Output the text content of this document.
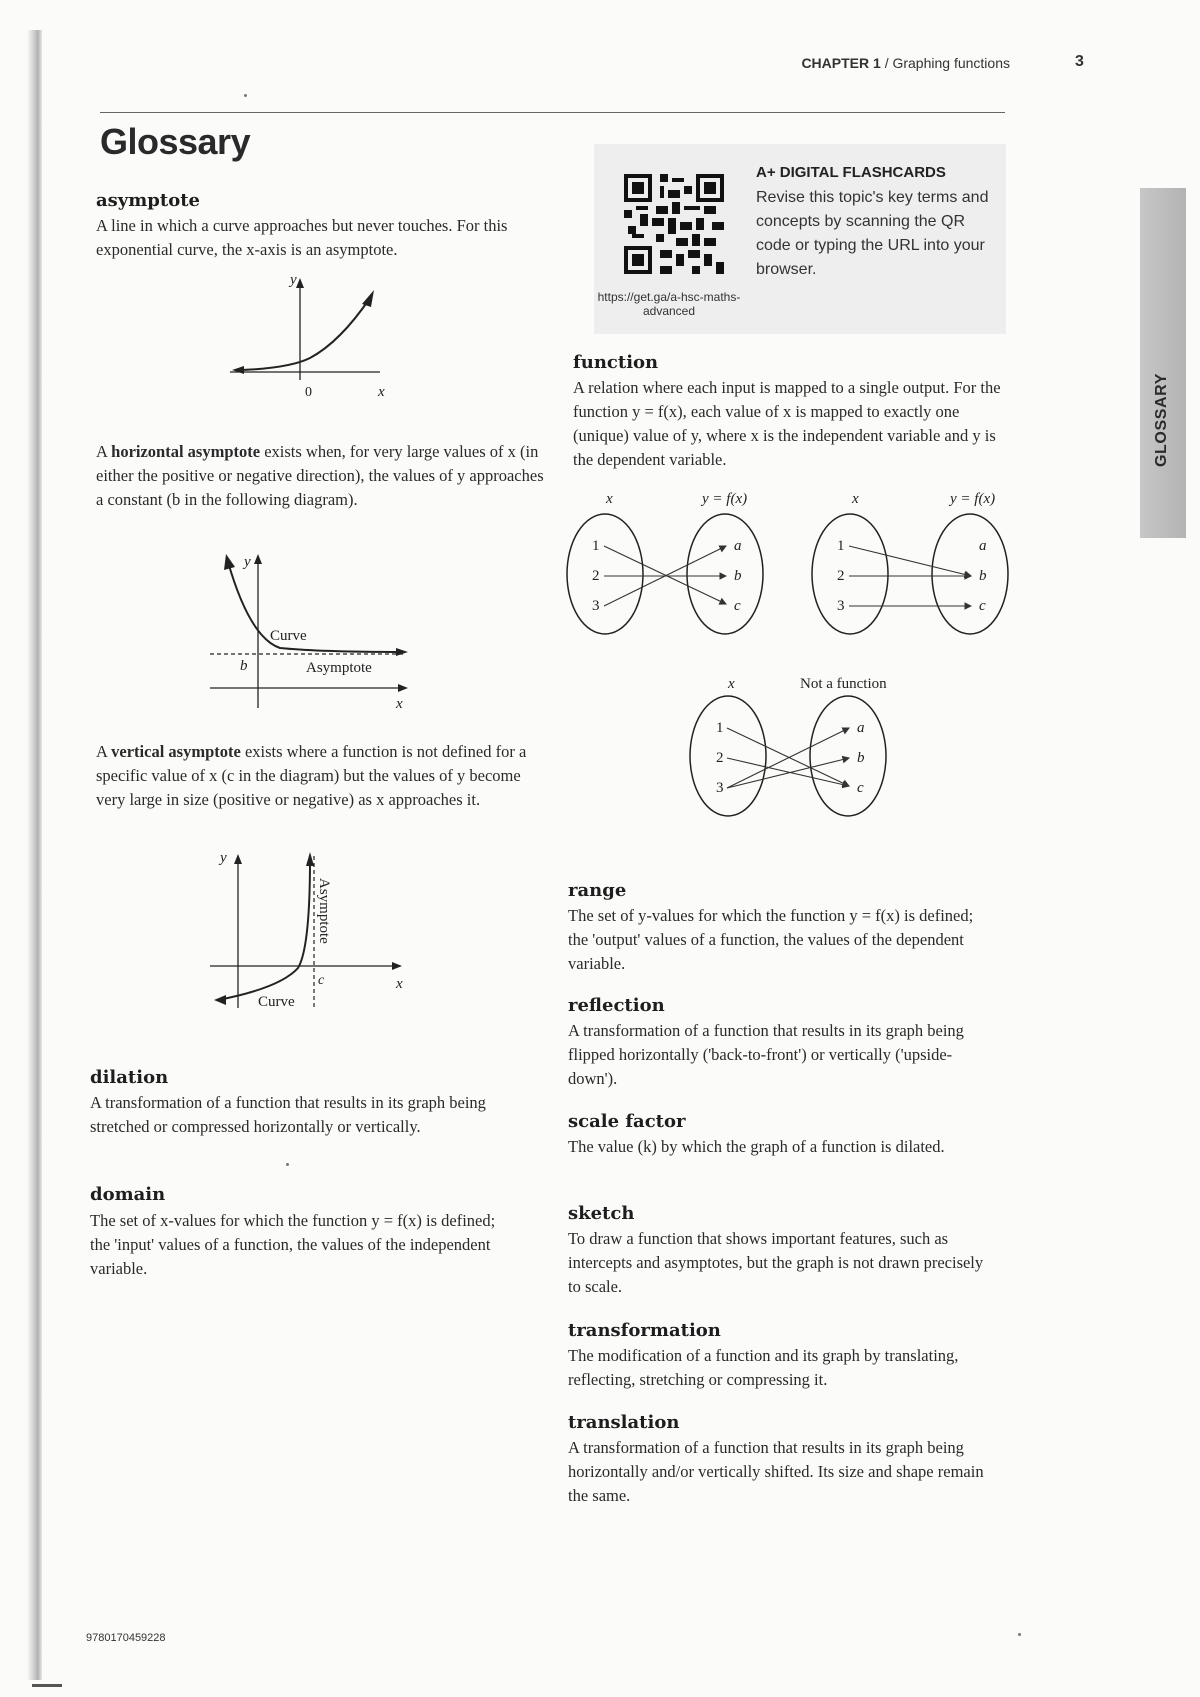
CHAPTER 1 / Graphing functions	3
Glossary
asymptote

A line in which a curve approaches but never touches. For this exponential curve, the x-axis is an asymptote.

y
0	x

A horizontal asymptote exists when, for very large values of x (in either the positive or negative direction), the values of y approaches a constant (b in the following diagram).

y
Curve
b	Asymptote
x

A vertical asymptote exists where a function is not defined for a specific value of x (c in the diagram) but the values of y become very large in size (positive or negative) as x approaches it.

y
Asymptote
c
Curve
x
dilation

A transformation of a function that results in its graph being stretched or compressed horizontally or vertically.

domain

The set of x-values for which the function y = f(x) is defined; the 'input' values of a function, the values of the independent variable.

9780170459228
https://get.ga/a-hsc-maths-advanced
A+ DIGITAL FLASHCARDS
Revise this topic's key terms and concepts by scanning the QR code or typing the URL into your browser.
function

A relation where each input is mapped to a single output. For the function y = f(x), each value of x is mapped to exactly one (unique) value of y, where x is the independent variable and y is the dependent variable.

x	y = f(x)
1
2
3
a
b
c
x	y = f(x)
1
2
3
a
b
c
x	Not a function
1
2
3
a
b
c
range

The set of y-values for which the function y = f(x) is defined; the 'output' values of a function, the values of the dependent variable.

reflection

A transformation of a function that results in its graph being flipped horizontally ('back-to-front') or vertically ('upside-down').

scale factor

The value (k) by which the graph of a function is dilated.

sketch

To draw a function that shows important features, such as intercepts and asymptotes, but the graph is not drawn precisely to scale.

transformation

The modification of a function and its graph by translating, reflecting, stretching or compressing it.

translation

A transformation of a function that results in its graph being horizontally and/or vertically shifted. Its size and shape remain the same.

GLOSSARY
